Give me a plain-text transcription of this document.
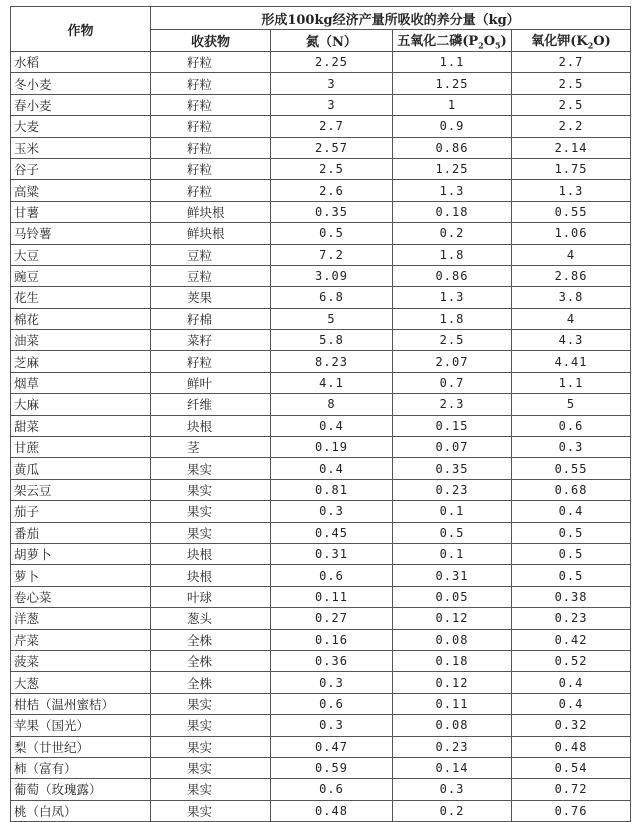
作物	形成100kg经济产量所吸收的养分量（kg）			
	收获物	氮（N）	五氧化二磷$(P_2O_5)$	氧化钾$(K_2O)$
水稻	籽粒	2.25	1.1	2.7
冬小麦	籽粒	3	1.25	2.5
春小麦	籽粒	3	1	2.5
大麦	籽粒	2.7	0.9	2.2
玉米	籽粒	2.57	0.86	2.14
谷子	籽粒	2.5	1.25	1.75
高粱	籽粒	2.6	1.3	1.3
甘薯	鲜块根	0.35	0.18	0.55
马铃薯	鲜块根	0.5	0.2	1.06
大豆	豆粒	7.2	1.8	4
豌豆	豆粒	3.09	0.86	2.86
花生	荚果	6.8	1.3	3.8
棉花	籽棉	5	1.8	4
油菜	菜籽	5.8	2.5	4.3
芝麻	籽粒	8.23	2.07	4.41
烟草	鲜叶	4.1	0.7	1.1
大麻	纤维	8	2.3	5
甜菜	块根	0.4	0.15	0.6
甘蔗	茎	0.19	0.07	0.3
黄瓜	果实	0.4	0.35	0.55
架云豆	果实	0.81	0.23	0.68
茄子	果实	0.3	0.1	0.4
番茄	果实	0.45	0.5	0.5
胡萝卜	块根	0.31	0.1	0.5
萝卜	块根	0.6	0.31	0.5
卷心菜	叶球	0.11	0.05	0.38
洋葱	葱头	0.27	0.12	0.23
芹菜	全株	0.16	0.08	0.42
菠菜	全株	0.36	0.18	0.52
大葱	全株	0.3	0.12	0.4
柑桔（温州蜜桔）	果实	0.6	0.11	0.4
苹果（国光）	果实	0.3	0.08	0.32
梨（廿世纪）	果实	0.47	0.23	0.48
柿（富有）	果实	0.59	0.14	0.54
葡萄（玫瑰露）	果实	0.6	0.3	0.72
桃（白凤）	果实	0.48	0.2	0.76
